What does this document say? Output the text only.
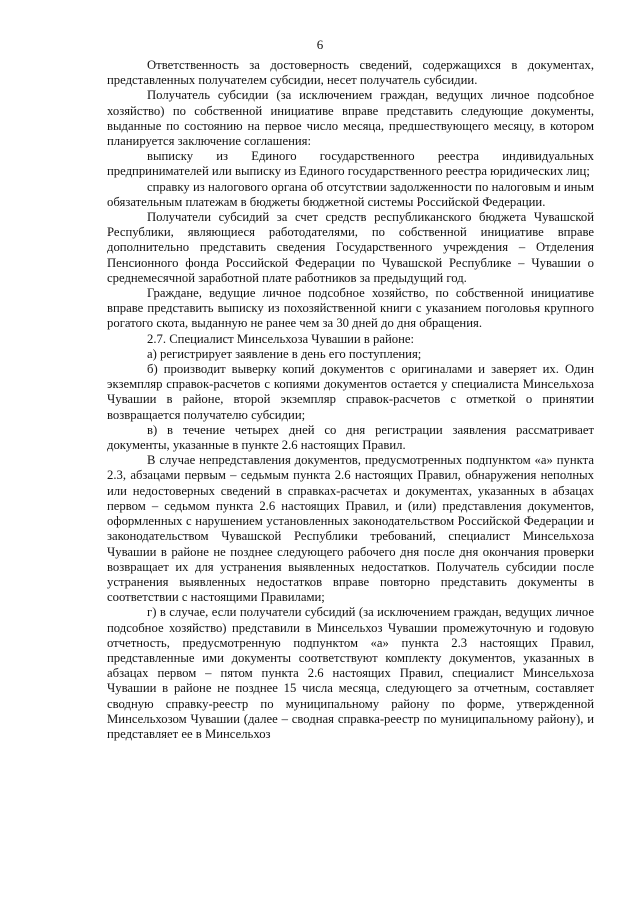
6

Ответственность за достоверность сведений, содержащихся в документах, представленных получателем субсидии, несет получатель субсидии.

Получатель субсидии (за исключением граждан, ведущих личное подсобное хозяйство) по собственной инициативе вправе представить следующие документы, выданные по состоянию на первое число месяца, предшествующего месяцу, в котором планируется заключение соглашения:

выписку из Единого государственного реестра индивидуальных предпринимателей или выписку из Единого государственного реестра юридических лиц;

справку из налогового органа об отсутствии задолженности по налоговым и иным обязательным платежам в бюджеты бюджетной системы Российской Федерации.

Получатели субсидий за счет средств республиканского бюджета Чувашской Республики, являющиеся работодателями, по собственной инициативе вправе дополнительно представить сведения Государственного учреждения – Отделения Пенсионного фонда Российской Федерации по Чувашской Республике – Чувашии о среднемесячной заработной плате работников за предыдущий год.

Граждане, ведущие личное подсобное хозяйство, по собственной инициативе вправе представить выписку из похозяйственной книги с указанием поголовья крупного рогатого скота, выданную не ранее чем за 30 дней до дня обращения.

2.7. Специалист Минсельхоза Чувашии в районе:

а) регистрирует заявление в день его поступления;

б) производит выверку копий документов с оригиналами и заверяет их. Один экземпляр справок-расчетов с копиями документов остается у специалиста Минсельхоза Чувашии в районе, второй экземпляр справок-расчетов с отметкой о принятии возвращается получателю субсидии;

в) в течение четырех дней со дня регистрации заявления рассматривает документы, указанные в пункте 2.6 настоящих Правил.

В случае непредставления документов, предусмотренных подпунктом «а» пункта 2.3, абзацами первым – седьмым пункта 2.6 настоящих Правил, обнаружения неполных или недостоверных сведений в справках-расчетах и документах, указанных в абзацах первом – седьмом пункта 2.6 настоящих Правил, и (или) представления документов, оформленных с нарушением установленных законодательством Российской Федерации и законодательством Чувашской Республики требований, специалист Минсельхоза Чувашии в районе не позднее следующего рабочего дня после дня окончания проверки возвращает их для устранения выявленных недостатков. Получатель субсидии после устранения выявленных недостатков вправе повторно представить документы в соответствии с настоящими Правилами;

г) в случае, если получатели субсидий (за исключением граждан, ведущих личное подсобное хозяйство) представили в Минсельхоз Чувашии промежуточную и годовую отчетность, предусмотренную подпунктом «а» пункта 2.3 настоящих Правил, представленные ими документы соответствуют комплекту документов, указанных в абзацах первом – пятом пункта 2.6 настоящих Правил, специалист Минсельхоза Чувашии в районе не позднее 15 числа месяца, следующего за отчетным, составляет сводную справку-реестр по муниципальному району по форме, утвержденной Минсельхозом Чувашии (далее – сводная справка-реестр по муниципальному району), и представляет ее в Минсельхоз
